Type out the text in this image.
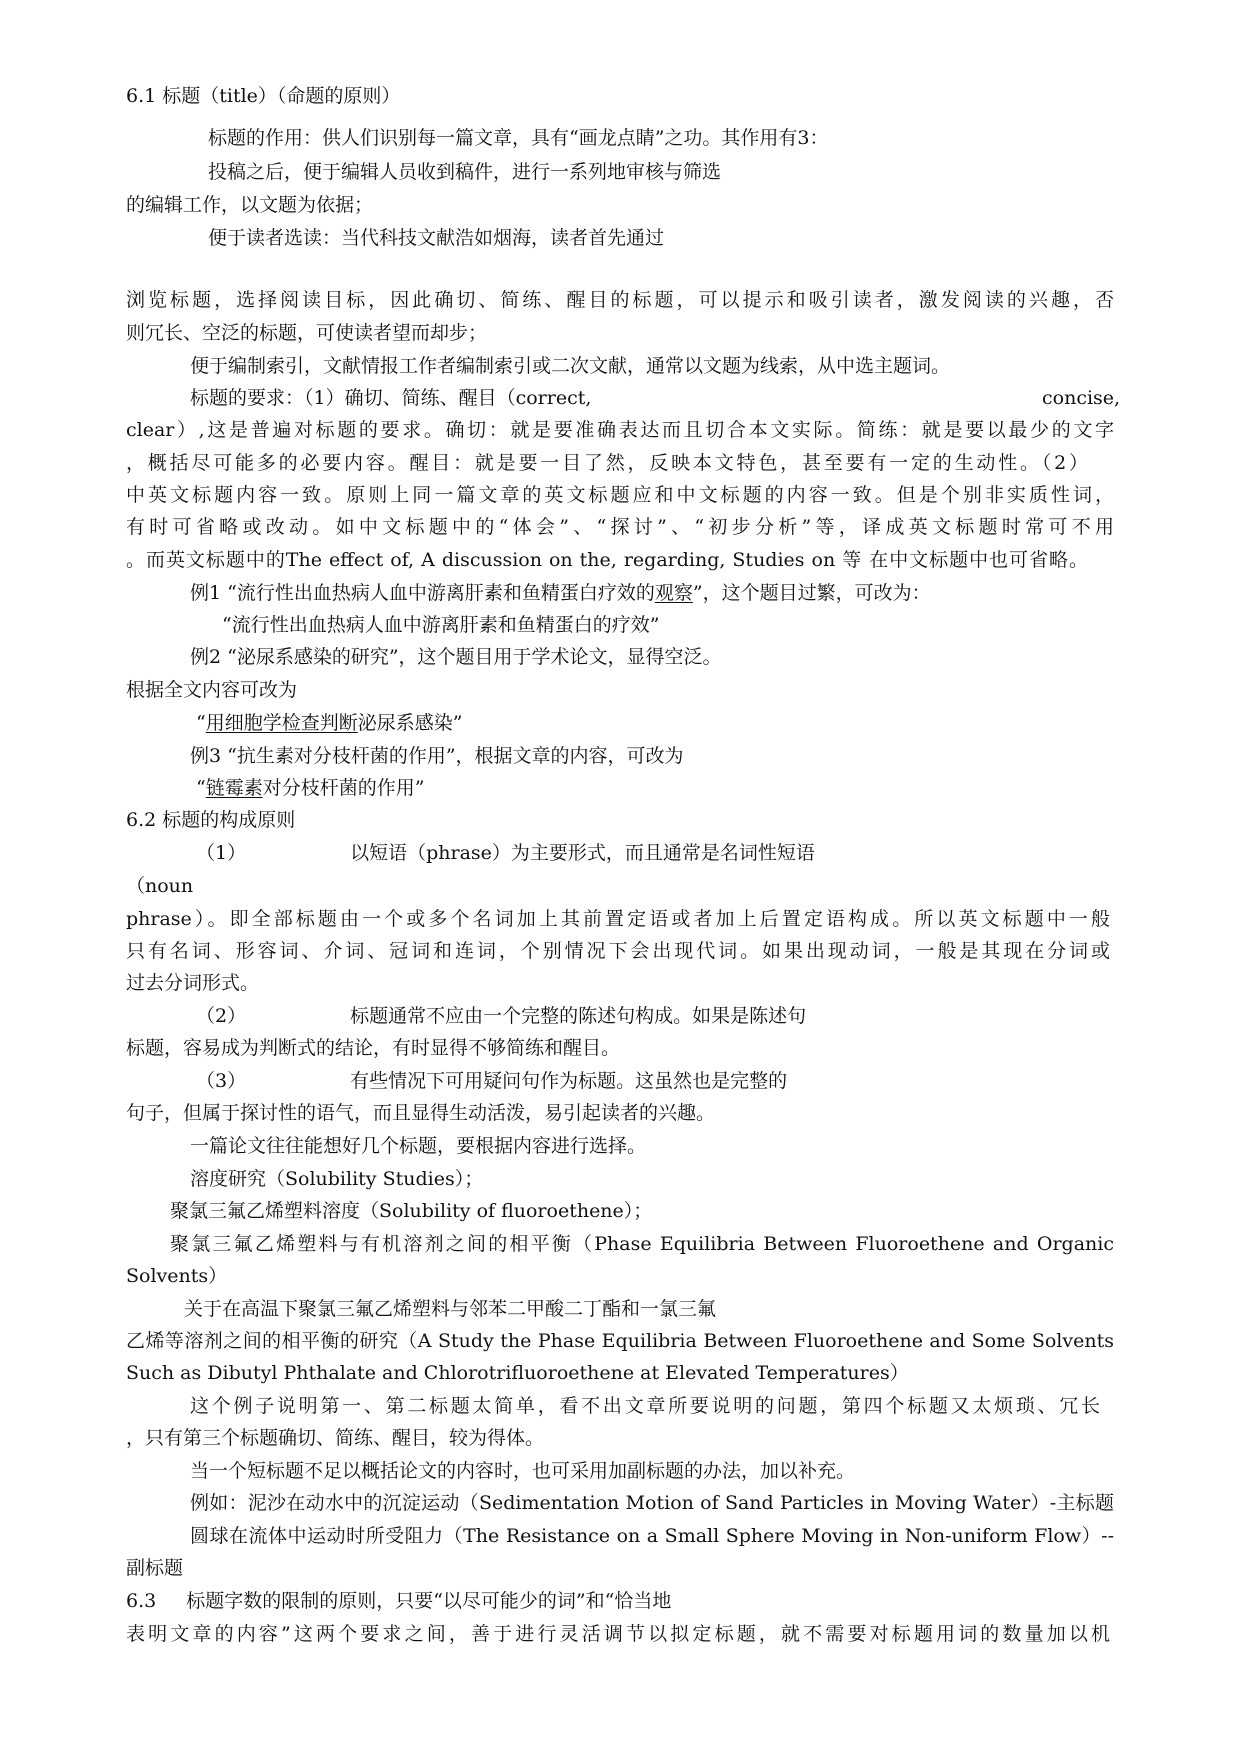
6.1 标题（title）（命题的原则）
标题的作用：供人们识别每一篇文章，具有“画龙点睛”之功。其作用有3：
投稿之后，便于编辑人员收到稿件，进行一系列地审核与筛选
的编辑工作，以文题为依据；
便于读者选读：当代科技文献浩如烟海，读者首先通过
浏览标题，选择阅读目标，因此确切、简练、醒目的标题，可以提示和吸引读者，激发阅读的兴趣，否
则冗长、空泛的标题，可使读者望而却步；
便于编制索引，文献情报工作者编制索引或二次文献，通常以文题为线索，从中选主题词。
标题的要求：（1）确切、简练、醒目（correct,	concise,
clear）,这是普遍对标题的要求。确切：就是要准确表达而且切合本文实际。简练：就是要以最少的文字
，概括尽可能多的必要内容。醒目：就是要一目了然，反映本文特色，甚至要有一定的生动性。（2）
中英文标题内容一致。原则上同一篇文章的英文标题应和中文标题的内容一致。但是个别非实质性词，
有时可省略或改动。如中文标题中的“体会”、“探讨”、“初步分析”等，译成英文标题时常可不用
。而英文标题中的The effect of, A discussion on the, regarding, Studies on 等 在中文标题中也可省略。
例1 “流行性出血热病人血中游离肝素和鱼精蛋白疗效的观察”，这个题目过繁，可改为：
“流行性出血热病人血中游离肝素和鱼精蛋白的疗效”
例2 “泌尿系感染的研究”，这个题目用于学术论文，显得空泛。
根据全文内容可改为
“用细胞学检查判断泌尿系感染”
例3 “抗生素对分枝杆菌的作用”，根据文章的内容，可改为
“链霉素对分枝杆菌的作用”
6.2 标题的构成原则
（1）	以短语（phrase）为主要形式，而且通常是名词性短语
（noun
phrase）。即全部标题由一个或多个名词加上其前置定语或者加上后置定语构成。所以英文标题中一般
只有名词、形容词、介词、冠词和连词，个别情况下会出现代词。如果出现动词，一般是其现在分词或
过去分词形式。
（2）	标题通常不应由一个完整的陈述句构成。如果是陈述句
标题，容易成为判断式的结论，有时显得不够简练和醒目。
（3）	有些情况下可用疑问句作为标题。这虽然也是完整的
句子，但属于探讨性的语气，而且显得生动活泼，易引起读者的兴趣。
一篇论文往往能想好几个标题，要根据内容进行选择。
溶度研究（Solubility Studies）；
聚氯三氟乙烯塑料溶度（Solubility of fluoroethene）；
聚氯三氟乙烯塑料与有机溶剂之间的相平衡（Phase Equilibria Between Fluoroethene and Organic
Solvents）
关于在高温下聚氯三氟乙烯塑料与邻苯二甲酸二丁酯和一氯三氟
乙烯等溶剂之间的相平衡的研究（A Study the Phase Equilibria Between Fluoroethene and Some Solvents
Such as Dibutyl Phthalate and Chlorotrifluoroethene at Elevated Temperatures）
这个例子说明第一、第二标题太简单，看不出文章所要说明的问题，第四个标题又太烦琐、冗长
，只有第三个标题确切、简练、醒目，较为得体。
当一个短标题不足以概括论文的内容时，也可采用加副标题的办法，加以补充。
例如：泥沙在动水中的沉淀运动（Sedimentation Motion of Sand Particles in Moving Water）-主标题
圆球在流体中运动时所受阻力（The Resistance on a Small Sphere Moving in Non-uniform Flow）--
副标题
6.3 标题字数的限制的原则，只要“以尽可能少的词”和“恰当地
表明文章的内容”这两个要求之间，善于进行灵活调节以拟定标题，就不需要对标题用词的数量加以机
